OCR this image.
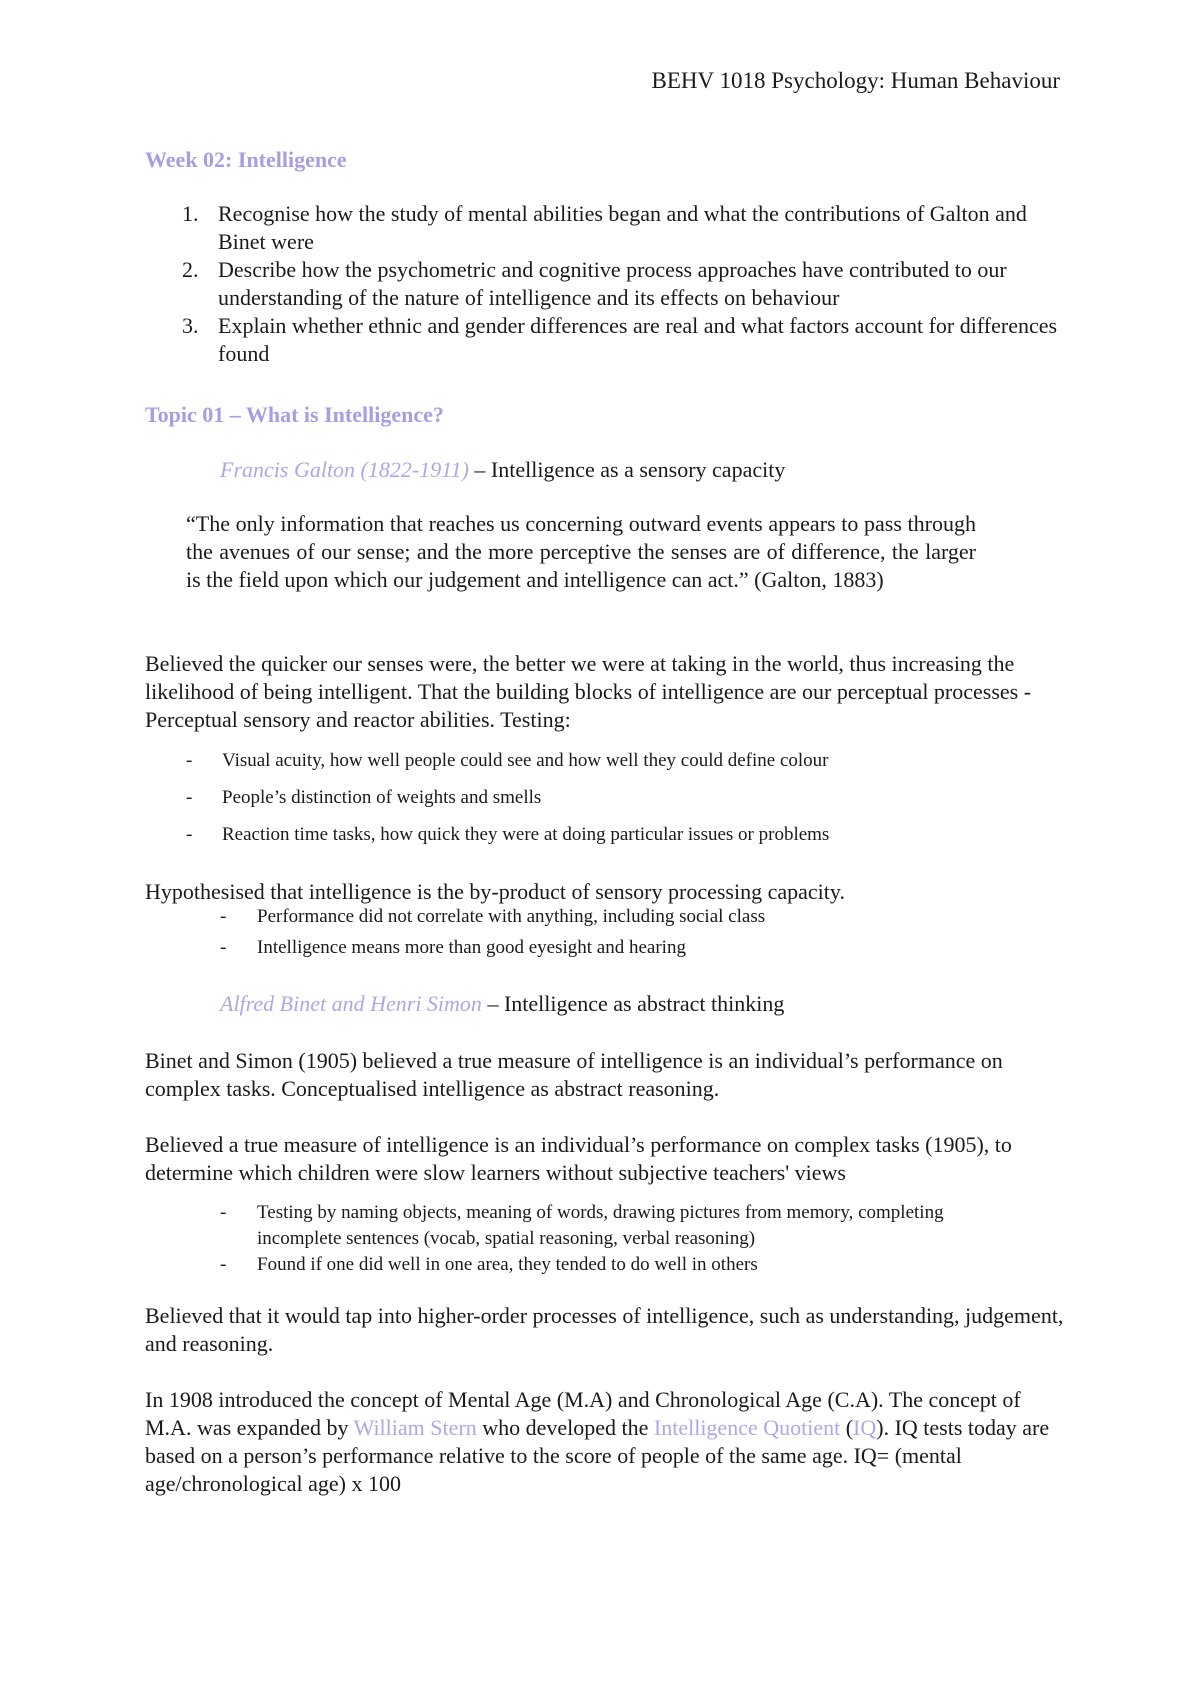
BEHV 1018 Psychology: Human Behaviour
Week 02: Intelligence
1. Recognise how the study of mental abilities began and what the contributions of Galton and Binet were
2. Describe how the psychometric and cognitive process approaches have contributed to our understanding of the nature of intelligence and its effects on behaviour
3. Explain whether ethnic and gender differences are real and what factors account for differences found
Topic 01 – What is Intelligence?
Francis Galton (1822-1911) – Intelligence as a sensory capacity
“The only information that reaches us concerning outward events appears to pass through the avenues of our sense; and the more perceptive the senses are of difference, the larger is the field upon which our judgement and intelligence can act.” (Galton, 1883)
Believed the quicker our senses were, the better we were at taking in the world, thus increasing the likelihood of being intelligent. That the building blocks of intelligence are our perceptual processes - Perceptual sensory and reactor abilities. Testing:
- Visual acuity, how well people could see and how well they could define colour
- People’s distinction of weights and smells
- Reaction time tasks, how quick they were at doing particular issues or problems
Hypothesised that intelligence is the by-product of sensory processing capacity.
- Performance did not correlate with anything, including social class
- Intelligence means more than good eyesight and hearing
Alfred Binet and Henri Simon – Intelligence as abstract thinking
Binet and Simon (1905) believed a true measure of intelligence is an individual’s performance on complex tasks. Conceptualised intelligence as abstract reasoning.
Believed a true measure of intelligence is an individual’s performance on complex tasks (1905), to determine which children were slow learners without subjective teachers' views
- Testing by naming objects, meaning of words, drawing pictures from memory, completing incomplete sentences (vocab, spatial reasoning, verbal reasoning)
- Found if one did well in one area, they tended to do well in others
Believed that it would tap into higher-order processes of intelligence, such as understanding, judgement, and reasoning.
In 1908 introduced the concept of Mental Age (M.A) and Chronological Age (C.A). The concept of M.A. was expanded by William Stern who developed the Intelligence Quotient (IQ). IQ tests today are based on a person’s performance relative to the score of people of the same age. IQ= (mental age/chronological age) x 100
